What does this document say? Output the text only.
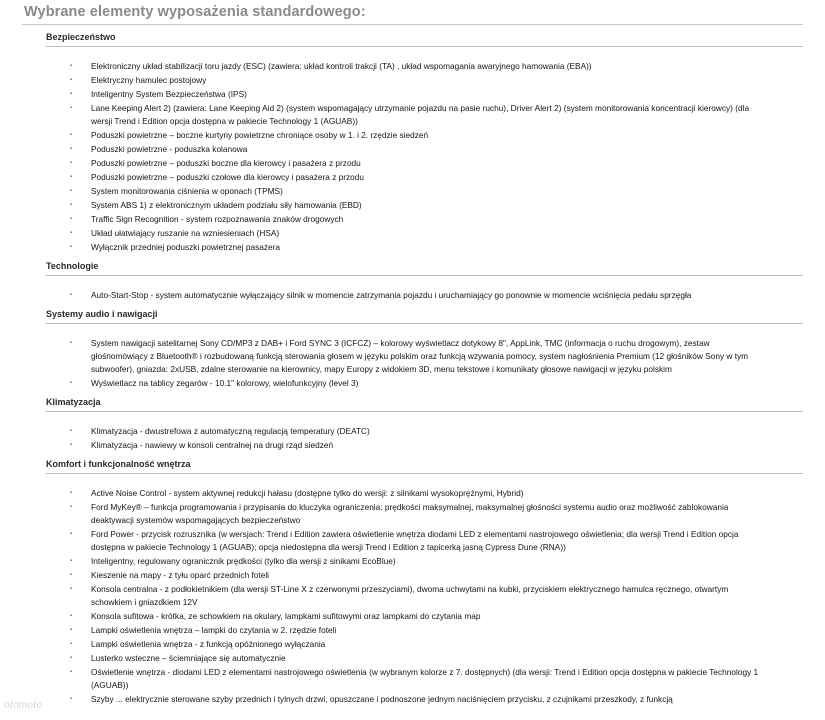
Wybrane elementy wyposażenia standardowego:
Bezpieczeństwo
▪ Elektroniczny układ stabilizacji toru jazdy (ESC) (zawiera: układ kontroli trakcji (TA) , układ wspomagania awaryjnego hamowania (EBA))
▪ Elektryczny hamulec postojowy
▪ Inteligentny System Bezpieczeństwa (IPS)
▪ Lane Keeping Alert 2) (zawiera: Lane Keeping Aid 2) (system wspomagający utrzymanie pojazdu na pasie ruchu), Driver Alert 2) (system monitorowania koncentracji kierowcy) (dla wersji Trend i Edition opcja dostępna w pakiecie Technology 1 (AGUAB))
▪ Poduszki powietrzne – boczne kurtyny powietrzne chroniące osoby w 1. i 2. rzędzie siedzeń
▪ Poduszki powietrzne - poduszka kolanowa
▪ Poduszki powietrzne – poduszki boczne dla kierowcy i pasażera z przodu
▪ Poduszki powietrzne – poduszki czołowe dla kierowcy i pasażera z przodu
▪ System monitorowania ciśnienia w oponach (TPMS)
▪ System ABS 1) z elektronicznym układem podziału siły hamowania (EBD)
▪ Traffic Sign Recognition - system rozpoznawania znaków drogowych
▪ Układ ułatwiający ruszanie na wzniesieniach (HSA)
▪ Wyłącznik przedniej poduszki powietrznej pasażera
Technologie
▪ Auto-Start-Stop - system automatycznie wyłączający silnik w momencie zatrzymania pojazdu i uruchamiający go ponownie w momencie wciśnięcia pedału sprzęgła
Systemy audio i nawigacji
▪ System nawigacji satelitarnej Sony CD/MP3 z DAB+ i Ford SYNC 3 (ICFCZ) – kolorowy wyświetlacz dotykowy 8", AppLink, TMC (informacja o ruchu drogowym), zestaw głośnomówiący z Bluetooth® i rozbudowaną funkcją sterowania głosem w języku polskim oraz funkcją wzywania pomocy, system nagłośnienia Premium (12 głośników Sony w tym subwoofer), gniazda: 2xUSB, zdalne sterowanie na kierownicy, mapy Europy z widokiem 3D, menu tekstowe i komunikaty głosowe nawigacji w języku polskim
▪ Wyświetlacz na tablicy zegarów - 10.1" kolorowy, wielofunkcyjny (level 3)
Klimatyzacja
▪ Klimatyzacja - dwustrefowa z automatyczną regulacją temperatury (DEATC)
▪ Klimatyzacja - nawiewy w konsoli centralnej na drugi rząd siedzeń
Komfort i funkcjonalność wnętrza
▪ Active Noise Control - system aktywnej redukcji hałasu (dostępne tylko do wersji: z silnikami wysokoprężnymi, Hybrid)
▪ Ford MyKey® – funkcja programowania i przypisania do kluczyka ograniczenia: prędkości maksymalnej, maksymalnej głośności systemu audio oraz możliwość zablokowania deaktywacji systemów wspomagających bezpieczeństwo
▪ Ford Power - przycisk rozrusznika (w wersjach: Trend i Edition zawiera oświetlenie wnętrza diodami LED z elementami nastrojowego oświetlenia; dla wersji Trend i Edition opcja dostępna w pakiecie Technology 1 (AGUAB); opcja niedostępna dla wersji Trend i Edition z tapicerką jasną Cypress Dune (RNA))
▪ Inteligentny, regulowany ogranicznik prędkości (tylko dla wersji z sinikami EcoBlue)
▪ Kieszenie na mapy - z tyłu oparć przednich foteli
▪ Konsola centralna - z podłokietnikiem (dla wersji ST-Line X z czerwonymi przeszyciami), dwoma uchwytami na kubki, przyciskiem elektrycznego hamulca ręcznego, otwartym schowkiem i gniazdkiem 12V
▪ Konsola sufitowa - krótka, ze schowkiem na okulary, lampkami sufitowymi oraz lampkami do czytania map
▪ Lampki oświetlenia wnętrza – lampki do czytania w 2. rzędzie foteli
▪ Lampki oświetlenia wnętrza - z funkcją opóźnionego wyłączania
▪ Lusterko wsteczne – ściemniające się automatycznie
▪ Oświetlenie wnętrza - diodami LED z elementami nastrojowego oświetlenia (w wybranym kolorze z 7. dostępnych) (dla wersji: Trend i Edition opcja dostępna w pakiecie Technology 1 (AGUAB))
▪ Szyby ... elektrycznie sterowane szyby przednich i tylnych drzwi, opuszczane i podnoszone jednym naciśnięciem przycisku, z czujnikami przeszkody, z funkcją
otomoto
